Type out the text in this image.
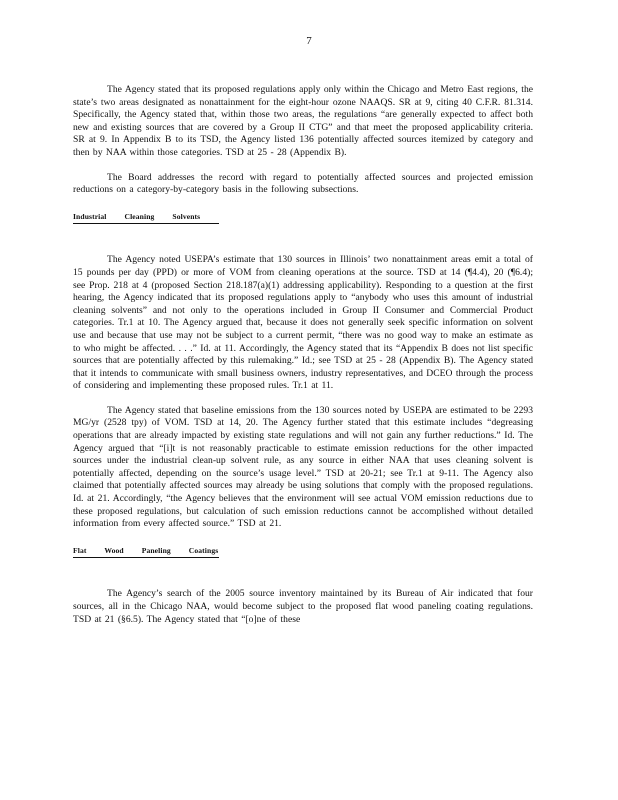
7

The Agency stated that its proposed regulations apply only within the Chicago and Metro East regions, the state’s two areas designated as nonattainment for the eight-hour ozone NAAQS. SR at 9, citing 40 C.F.R. 81.314. Specifically, the Agency stated that, within those two areas, the regulations “are generally expected to affect both new and existing sources that are covered by a Group II CTG” and that meet the proposed applicability criteria. SR at 9. In Appendix B to its TSD, the Agency listed 136 potentially affected sources itemized by category and then by NAA within those categories. TSD at 25 - 28 (Appendix B).

The Board addresses the record with regard to potentially affected sources and projected emission reductions on a category-by-category basis in the following subsections.

Industrial Cleaning Solvents

The Agency noted USEPA’s estimate that 130 sources in Illinois’ two nonattainment areas emit a total of 15 pounds per day (PPD) or more of VOM from cleaning operations at the source. TSD at 14 (¶4.4), 20 (¶6.4); see Prop. 218 at 4 (proposed Section 218.187(a)(1) addressing applicability). Responding to a question at the first hearing, the Agency indicated that its proposed regulations apply to “anybody who uses this amount of industrial cleaning solvents” and not only to the operations included in Group II Consumer and Commercial Product categories. Tr.1 at 10. The Agency argued that, because it does not generally seek specific information on solvent use and because that use may not be subject to a current permit, “there was no good way to make an estimate as to who might be affected. . . .” Id. at 11. Accordingly, the Agency stated that its “Appendix B does not list specific sources that are potentially affected by this rulemaking.” Id.; see TSD at 25 - 28 (Appendix B). The Agency stated that it intends to communicate with small business owners, industry representatives, and DCEO through the process of considering and implementing these proposed rules. Tr.1 at 11.

The Agency stated that baseline emissions from the 130 sources noted by USEPA are estimated to be 2293 MG/yr (2528 tpy) of VOM. TSD at 14, 20. The Agency further stated that this estimate includes “degreasing operations that are already impacted by existing state regulations and will not gain any further reductions.” Id. The Agency argued that “[i]t is not reasonably practicable to estimate emission reductions for the other impacted sources under the industrial clean-up solvent rule, as any source in either NAA that uses cleaning solvent is potentially affected, depending on the source’s usage level.” TSD at 20-21; see Tr.1 at 9-11. The Agency also claimed that potentially affected sources may already be using solutions that comply with the proposed regulations. Id. at 21. Accordingly, “the Agency believes that the environment will see actual VOM emission reductions due to these proposed regulations, but calculation of such emission reductions cannot be accomplished without detailed information from every affected source.” TSD at 21.

Flat Wood Paneling Coatings

The Agency’s search of the 2005 source inventory maintained by its Bureau of Air indicated that four sources, all in the Chicago NAA, would become subject to the proposed flat wood paneling coating regulations. TSD at 21 (§6.5). The Agency stated that “[o]ne of these
